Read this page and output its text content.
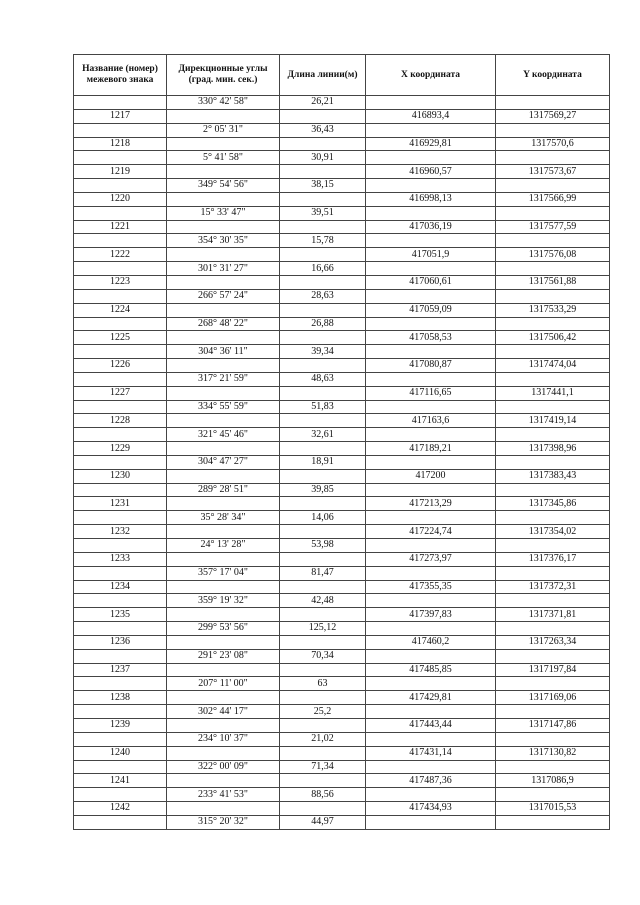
Название (номер) межевого знака	Дирекционные углы (град. мин. сек.)	Длина линии(м)	X координата	Y координата
	330° 42' 58"	26,21		
1217			416893,4	1317569,27
	2° 05' 31"	36,43		
1218			416929,81	1317570,6
	5° 41' 58"	30,91		
1219			416960,57	1317573,67
	349° 54' 56"	38,15		
1220			416998,13	1317566,99
	15° 33' 47"	39,51		
1221			417036,19	1317577,59
	354° 30' 35"	15,78		
1222			417051,9	1317576,08
	301° 31' 27"	16,66		
1223			417060,61	1317561,88
	266° 57' 24"	28,63		
1224			417059,09	1317533,29
	268° 48' 22"	26,88		
1225			417058,53	1317506,42
	304° 36' 11"	39,34		
1226			417080,87	1317474,04
	317° 21' 59"	48,63		
1227			417116,65	1317441,1
	334° 55' 59"	51,83		
1228			417163,6	1317419,14
	321° 45' 46"	32,61		
1229			417189,21	1317398,96
	304° 47' 27"	18,91		
1230			417200	1317383,43
	289° 28' 51"	39,85		
1231			417213,29	1317345,86
	35° 28' 34"	14,06		
1232			417224,74	1317354,02
	24° 13' 28"	53,98		
1233			417273,97	1317376,17
	357° 17' 04"	81,47		
1234			417355,35	1317372,31
	359° 19' 32"	42,48		
1235			417397,83	1317371,81
	299° 53' 56"	125,12		
1236			417460,2	1317263,34
	291° 23' 08"	70,34		
1237			417485,85	1317197,84
	207° 11' 00"	63		
1238			417429,81	1317169,06
	302° 44' 17"	25,2		
1239			417443,44	1317147,86
	234° 10' 37"	21,02		
1240			417431,14	1317130,82
	322° 00' 09"	71,34		
1241			417487,36	1317086,9
	233° 41' 53"	88,56		
1242			417434,93	1317015,53
	315° 20' 32"	44,97		
